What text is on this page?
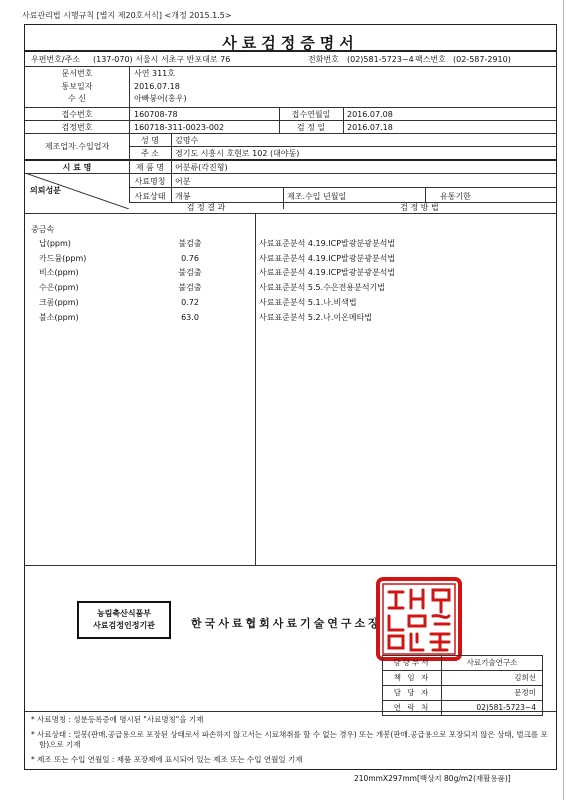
사료관리법 시행규칙 [별지 제20호서식] <개정 2015.1.5>
사료검정증명서
우편번호/주소 (137-070) 서울시 서초구 반포대로 76	전화번호 (02)581-5723~4 팩스번호 (02-587-2910)
문서번호	사연 311호
통보일자	2016.07.18
수 신	아빠붕어(홍우)
접수번호	160708-78	접수연월일	2016.07.08
검정번호	160718-311-0023-002	검 정 일	2016.07.18
제조업자.수입업자
성 명	김명수
주 소	경기도 시흥시 호현로 102 (대야동)
시 료 명
의뢰성분
제 품 명	어분류(각진형)
사료명칭	어분
사료상태	개봉	제조.수입 년월일	유통기한
검 정 결 과	검 정 방 법
중금속
납(ppm)	불검출	사료표준분석 4.19.ICP발광분광분석법
카드뮴(ppm)	0.76	사료표준분석 4.19.ICP발광분광분석법
비소(ppm)	불검출	사료표준분석 4.19.ICP발광분광분석법
수은(ppm)	불검출	사료표준분석 5.5.수은전용분석기법
크롬(ppm)	0.72	사료표준분석 5.1.나.비색법
불소(ppm)	63.0	사료표준분석 5.2.나.이온메타법
농림축산식품부
사료검정인정기관	한국사료협회사료기술연구소장
담당부서	사료기술연구소
책 임 자	김희선
담 당 자	문정미
연 락 처	02)581-5723~4

* 사료명칭 : 성분등록증에 명시된 "사료명칭"을 기재

* 사료상태 : 밀봉(판매.공급용으로 포장된 상태로서 파손하지 않고서는 시료채취를 할 수 없는 경우) 또는 개봉(판매.공급용으로 포장되지 않은 상태, 벌크를 포함)으로 기재

* 제조 또는 수입 연월일 : 제품 포장제에 표시되어 있는 제조 또는 수입 연월일 기재

210mmX297mm[백상지 80g/m2(재활용품)]
